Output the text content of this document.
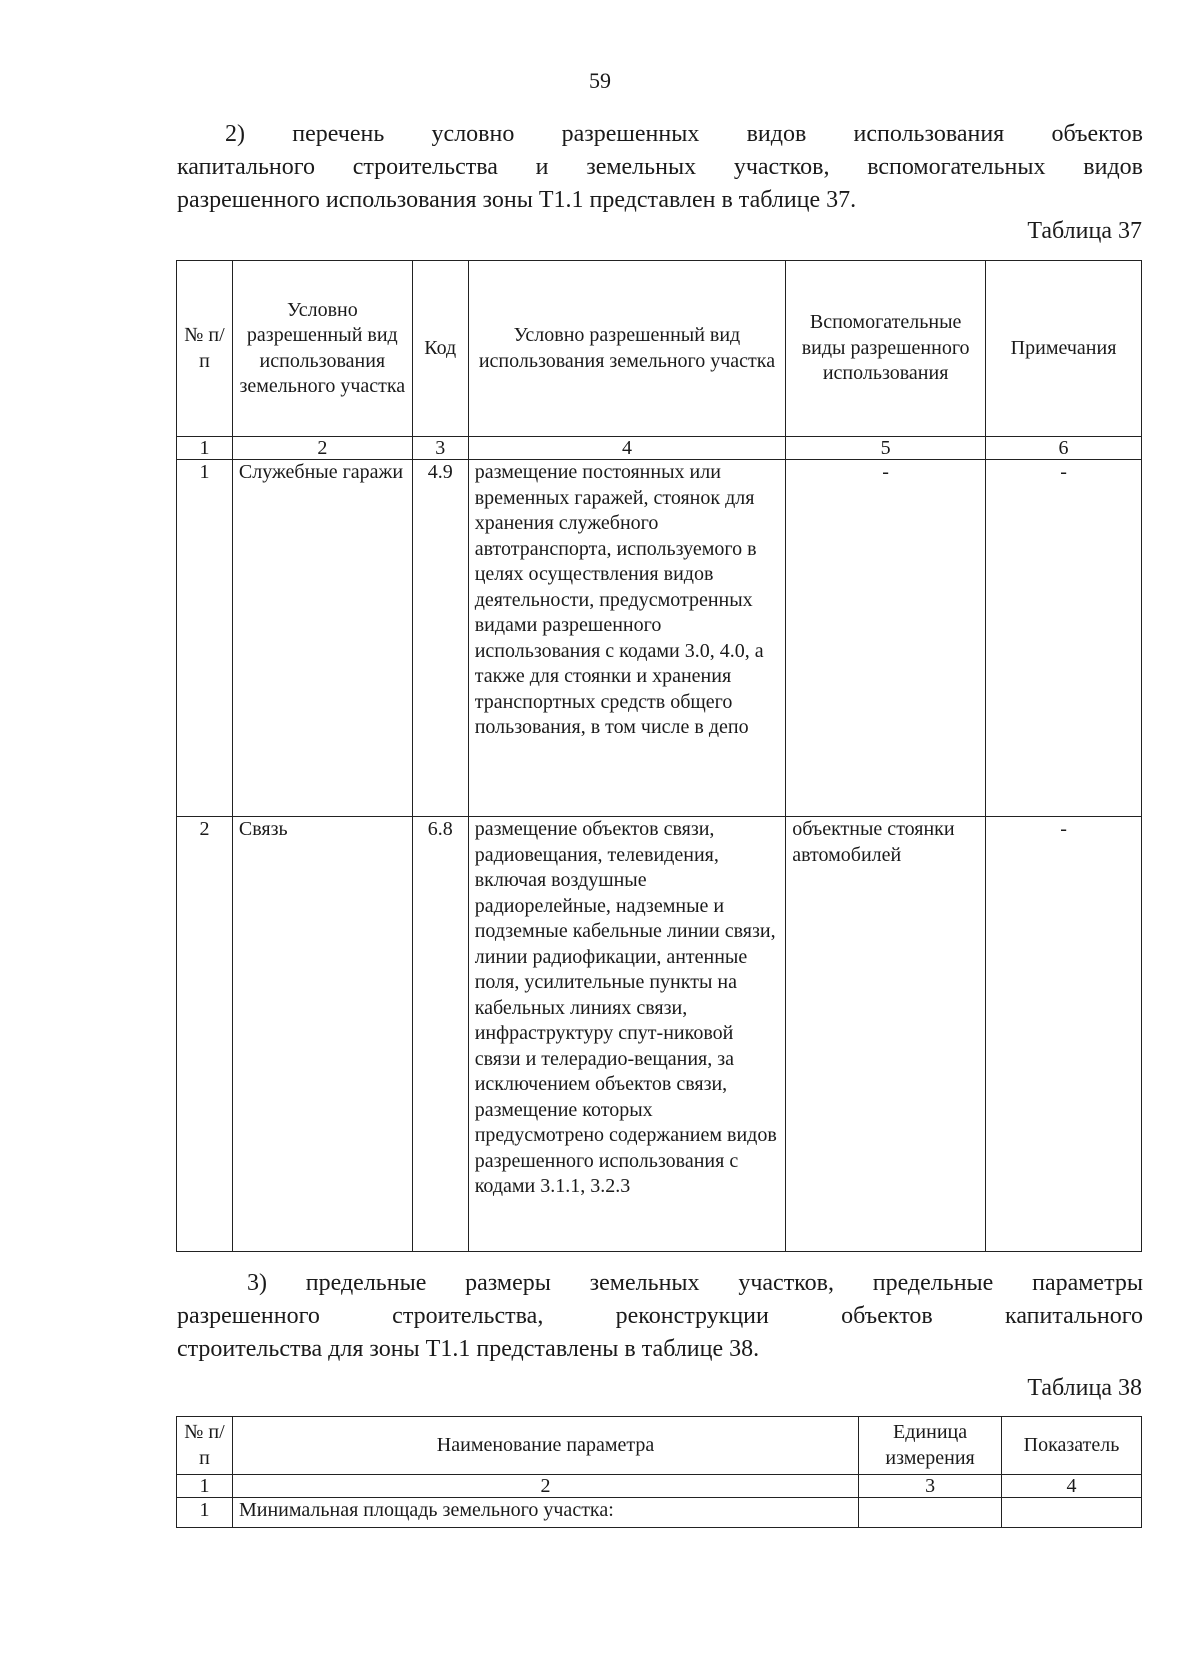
59
2) перечень условно разрешенных видов использования объектов
капитального строительства и земельных участков, вспомогательных видов
разрешенного использования зоны Т1.1 представлен в таблице 37.
Таблица 37
№ п/п	Условно разрешенный вид использования земельного участка	Код	Условно разрешенный вид использования земельного участка	Вспомогательные виды разрешенного использования	Примечания
1	2	3	4	5	6
1	Служебные гаражи	4.9	размещение постоянных или временных гаражей, стоянок для хранения служебного автотранспорта, используемого в целях осуществления видов деятельности, предусмотренных видами разрешенного использования с кодами 3.0, 4.0, а также для стоянки и хранения транспортных средств общего пользования, в том числе в депо	-	-
2	Связь	6.8	размещение объектов связи, радиовещания, телевидения, включая воздушные радиорелейные, надземные и подземные кабельные линии связи, линии радиофикации, антенные поля, усилительные пункты на кабельных линиях связи, инфраструктуру спут-никовой связи и телерадио-вещания, за исключением объектов связи, размещение которых предусмотрено содержанием видов разрешенного использования с кодами 3.1.1, 3.2.3	объектные стоянки автомобилей	-
3) предельные размеры земельных участков, предельные параметры
разрешенного строительства, реконструкции объектов капитального
строительства для зоны Т1.1 представлены в таблице 38.
Таблица 38
№ п/п	Наименование параметра	Единица измерения	Показатель
1	2	3	4
1	Минимальная площадь земельного участка:		
